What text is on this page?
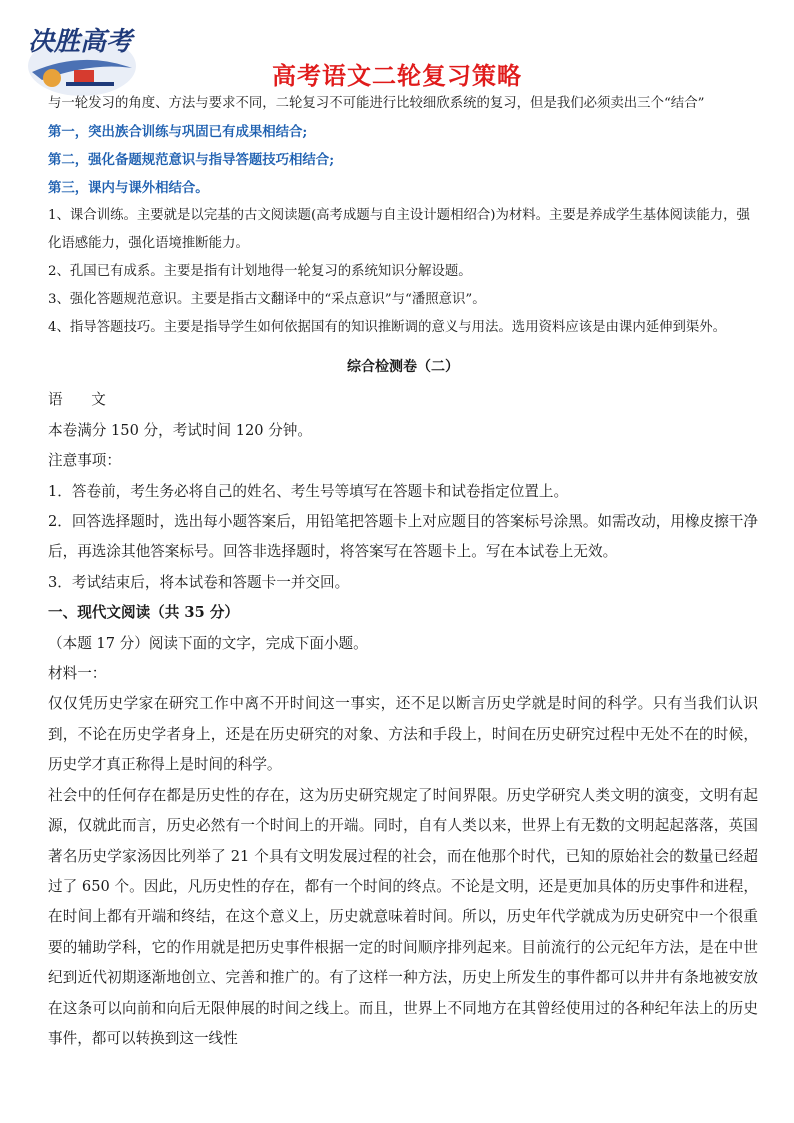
决胜高考
高考语文二轮复习策略

与一轮发习的角度、方法与要求不同，二轮复习不可能进行比较细欣系统的复习，但是我们必须卖出三个“结合”

第一，突出族合训练与巩固已有成果相结合;

第二，强化备题规范意识与指导答题技巧相结合;

第三，课内与课外相结合。

1、课合训练。主要就是以完基的古文阅读题(高考成题与自主设计题相绍合)为材料。主要是养成学生基体阅读能力，强化语感能力，强化语境推断能力。

2、孔国已有成系。主要是指有计划地得一轮复习的系统知识分解设题。

3、强化答题规范意识。主要是指古文翻译中的“采点意识”与“潘照意识”。

4、指导答题技巧。主要是指导学生如何依据国有的知识推断调的意义与用法。选用资料应该是由课内延伸到渠外。

综合检测卷（二）

语 文

本卷满分 150 分，考试时间 120 分钟。

注意事项：

1．答卷前，考生务必将自己的姓名、考生号等填写在答题卡和试卷指定位置上。

2．回答选择题时，选出每小题答案后，用铅笔把答题卡上对应题目的答案标号涂黑。如需改动，用橡皮擦干净后，再选涂其他答案标号。回答非选择题时，将答案写在答题卡上。写在本试卷上无效。

3．考试结束后，将本试卷和答题卡一并交回。

一、现代文阅读（共 35 分）

（本题 17 分）阅读下面的文字，完成下面小题。

材料一：

仅仅凭历史学家在研究工作中离不开时间这一事实，还不足以断言历史学就是时间的科学。只有当我们认识到，不论在历史学者身上，还是在历史研究的对象、方法和手段上，时间在历史研究过程中无处不在的时候，历史学才真正称得上是时间的科学。

社会中的任何存在都是历史性的存在，这为历史研究规定了时间界限。历史学研究人类文明的演变，文明有起源，仅就此而言，历史必然有一个时间上的开端。同时，自有人类以来，世界上有无数的文明起起落落，英国著名历史学家汤因比列举了 21 个具有文明发展过程的社会，而在他那个时代，已知的原始社会的数量已经超过了 650 个。因此，凡历史性的存在，都有一个时间的终点。不论是文明，还是更加具体的历史事件和进程，在时间上都有开端和终结，在这个意义上，历史就意味着时间。所以，历史年代学就成为历史研究中一个很重要的辅助学科，它的作用就是把历史事件根据一定的时间顺序排列起来。目前流行的公元纪年方法，是在中世纪到近代初期逐渐地创立、完善和推广的。有了这样一种方法，历史上所发生的事件都可以井井有条地被安放在这条可以向前和向后无限伸展的时间之线上。而且，世界上不同地方在其曾经使用过的各种纪年法上的历史事件，都可以转换到这一线性
